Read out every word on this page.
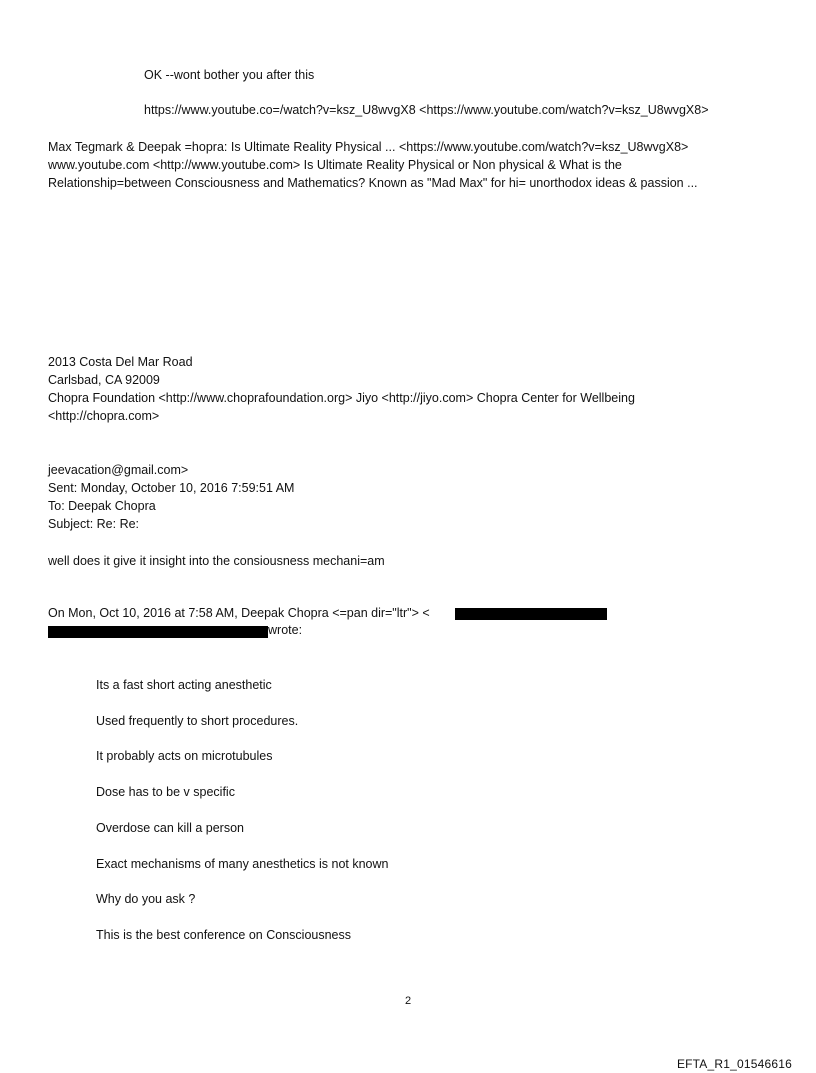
OK --wont bother you after this
https://www.youtube.co=/watch?v=ksz_U8wvgX8 <https://www.youtube.com/watch?v=ksz_U8wvgX8>
Max Tegmark & Deepak =hopra: Is Ultimate Reality Physical ... <https://www.youtube.com/watch?v=ksz_U8wvgX8>
www.youtube.com <http://www.youtube.com> Is Ultimate Reality Physical or Non physical & What is the
Relationship=between Consciousness and Mathematics? Known as "Mad Max" for hi= unorthodox ideas & passion ...
2013 Costa Del Mar Road
Carlsbad, CA 92009
Chopra Foundation <http://www.choprafoundation.org> Jiyo <http://jiyo.com> Chopra Center for Wellbeing
<http://chopra.com>
jeevacation@gmail.com>
Sent: Monday, October 10, 2016 7:59:51 AM
To: Deepak Chopra
Subject: Re: Re:
well does it give it insight into the consiousness mechani=am
On Mon, Oct 10, 2016 at 7:58 AM, Deepak Chopra <=pan dir="ltr"> <
wrote:
Its a fast short acting anesthetic
Used frequently to short procedures.
It probably acts on microtubules
Dose has to be v specific
Overdose can kill a person
Exact mechanisms of many anesthetics is not known
Why do you ask ?
This is the best conference on Consciousness
2
EFTA_R1_01546616
